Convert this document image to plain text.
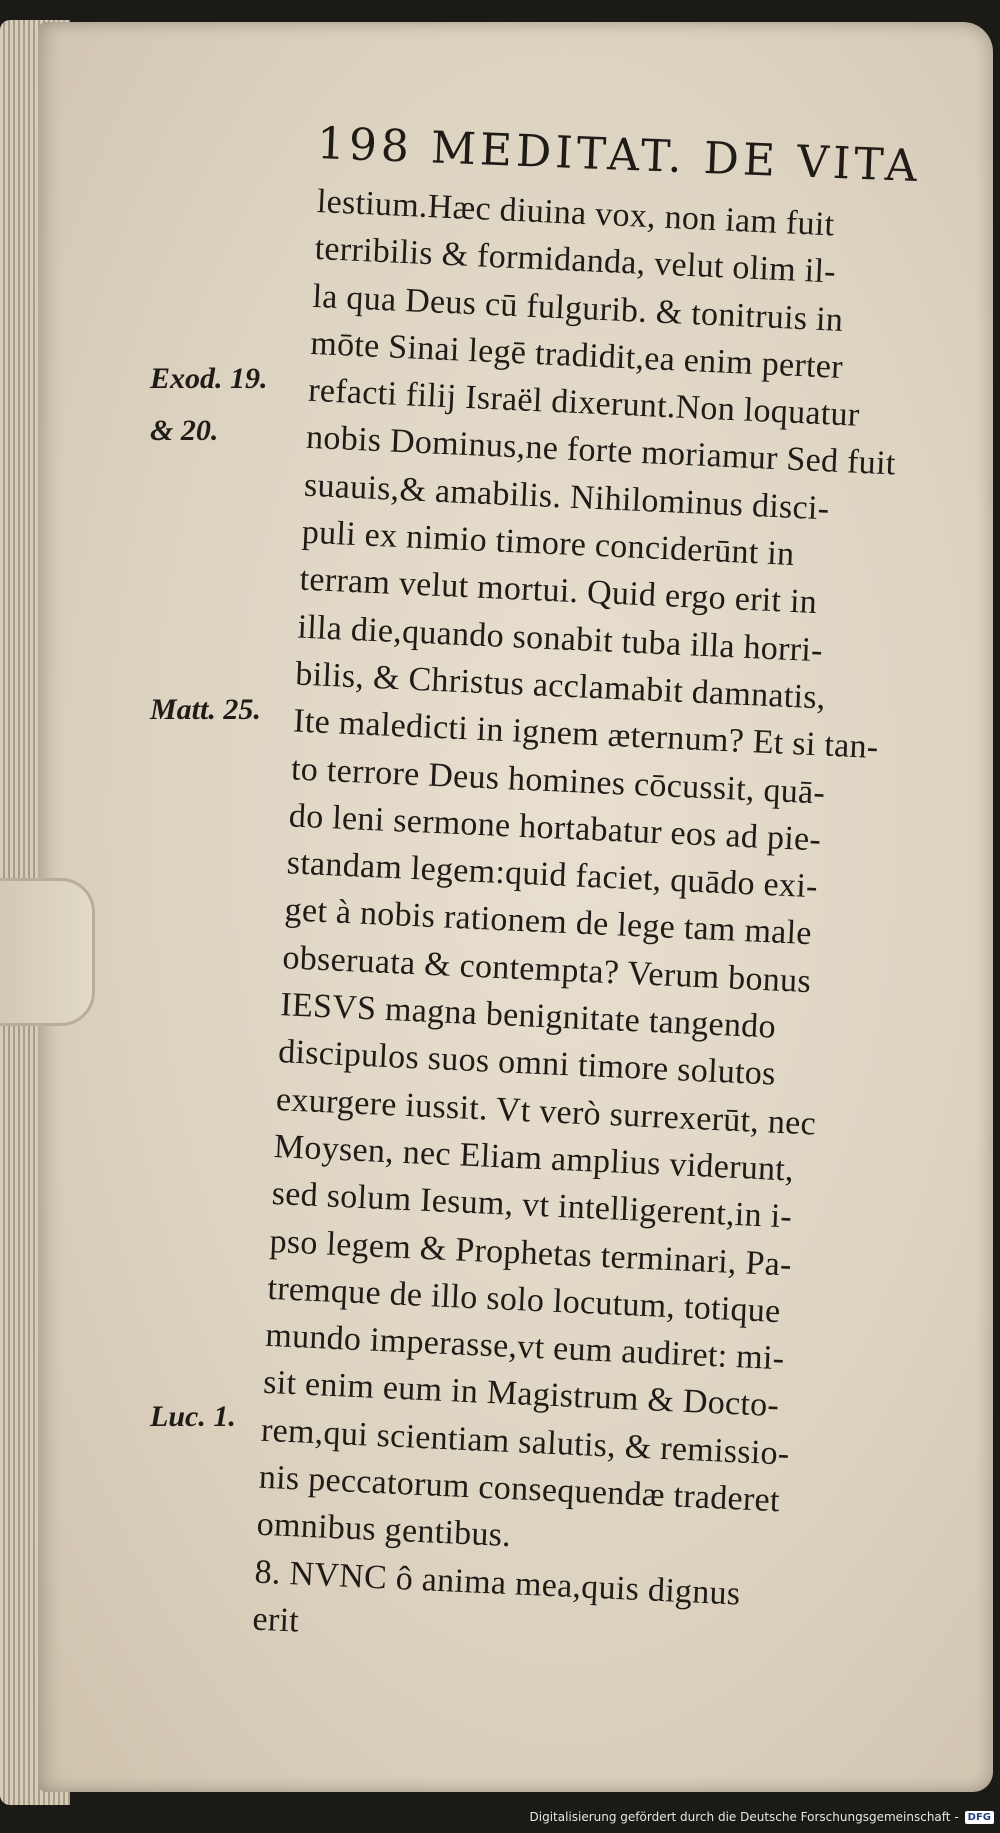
198 MEDITAT. DE VITA
lestium.Hæc diuina vox, non iam fuit
terribilis & formidanda, velut olim il-
la qua Deus cū fulgurib. & tonitruis in
mōte Sinai legē tradidit,ea enim perter
refacti filij Israël dixerunt.Non loquatur
nobis Dominus,ne forte moriamur Sed fuit
suauis,& amabilis. Nihilominus disci-
puli ex nimio timore conciderūnt in
terram velut mortui. Quid ergo erit in
illa die,quando sonabit tuba illa horri-
bilis, & Christus acclamabit damnatis,
Ite maledicti in ignem æternum? Et si tan-
to terrore Deus homines cōcussit, quā-
do leni sermone hortabatur eos ad pie-
standam legem:quid faciet, quādo exi-
get à nobis rationem de lege tam male
obseruata & contempta? Verum bonus
IESVS magna benignitate tangendo
discipulos suos omni timore solutos
exurgere iussit. Vt verò surrexerūt, nec
Moysen, nec Eliam amplius viderunt,
sed solum Iesum, vt intelligerent,in i-
pso legem & Prophetas terminari, Pa-
tremque de illo solo locutum, totique
mundo imperasse,vt eum audiret: mi-
sit enim eum in Magistrum & Docto-
rem,qui scientiam salutis, & remissio-
nis peccatorum consequendæ traderet
omnibus gentibus.
8. NVNC ô anima mea,quis dignus
erit
Exod. 19.
& 20.
Matt. 25.
Luc. 1.
Digitalisierung gefördert durch die Deutsche Forschungsgemeinschaft - DFG
